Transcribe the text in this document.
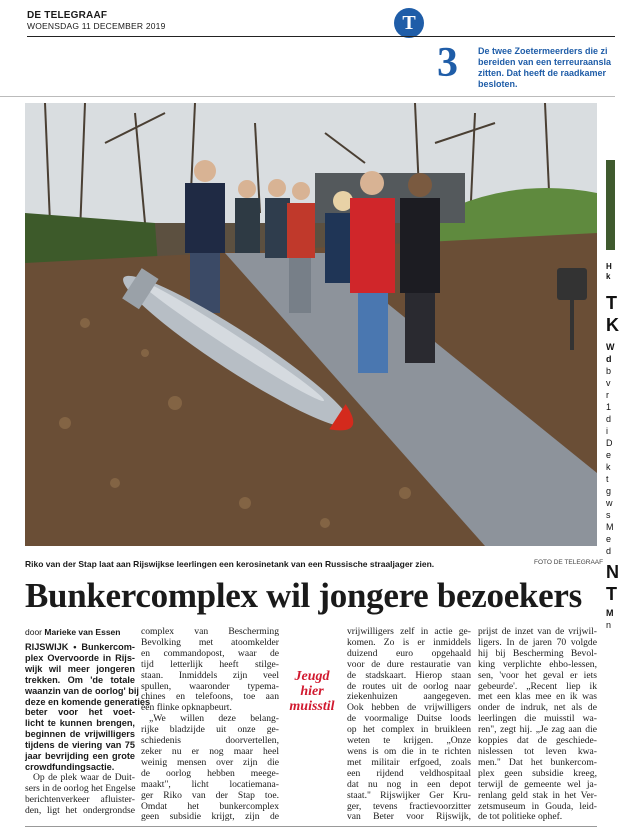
DE TELEGRAAF
WOENSDAG 11 DECEMBER 2019	T
3 De twee Zoetermeerders die zi
bereiden van een terreuraansla
zitten. Dat heeft de raadkamer
besloten.
H
k
T
K
W
d
b
v
r
1
d
i
D
e
k
t
g
w
s
M
e
d
N
T
M
n
Riko van der Stap laat aan Rijswijkse leerlingen een kerosinetank van een Russische straaljager zien.	FOTO DE TELEGRAAF
Bunkercomplex wil jongere bezoekers
door Marieke van Essen
RIJSWIJK • Bunkercom-
plex Overvoorde in Rijs-
wijk wil meer jongeren
trekken. Om 'de totale
waanzin van de oorlog' bij
deze en komende generaties
beter voor het voet-
licht te kunnen brengen,
beginnen de vrijwilligers
tijdens de viering van 75
jaar bevrijding een grote
crowdfundingsactie.
Op de plek waar de Duit-
sers in de oorlog het Engelse
berichtenverkeer afluister-
den, ligt het ondergrondse
complex van Bescherming
Bevolking met atoomkelder
en commandopost, waar de
tijd letterlijk heeft stilge-
staan. Inmiddels zijn veel
spullen, waaronder typema-
chines en telefoons, toe aan
een flinke opknapbeurt.
„We willen deze belang-
rijke bladzijde uit onze ge-
schiedenis doorvertellen,
zeker nu er nog maar heel
weinig mensen over zijn die
de oorlog hebben meege-
maakt", licht locatiemana-
ger Riko van der Stap toe.
Omdat het bunkercomplex
geen subsidie krijgt, zijn de
Jeugd hier muisstil
vrijwilligers zelf in actie ge-
komen. Zo is er inmiddels
duizend euro opgehaald
voor de dure restauratie van
de stadskaart. Hierop staan
de routes uit de oorlog naar
ziekenhuizen aangegeven.
Ook hebben de vrijwilligers
de voormalige Duitse loods
op het complex in bruikleen
weten te krijgen. „Onze
wens is om die in te richten
met militair erfgoed, zoals
een rijdend veldhospitaal
dat nu nog in een depot
staat." Rijswijker Ger Kru-
ger, tevens fractievoorzitter
van Beter voor Rijswijk,
prijst de inzet van de vrijwil-
ligers. In de jaren 70 volgde
hij bij Bescherming Bevol-
king verplichte ehbo-lessen,
sen, 'voor het geval er iets
gebeurde'. „Recent liep ik
met een klas mee en ik was
onder de indruk, net als de
leerlingen die muisstil wa-
ren", zegt hij. „Je zag aan die
koppies dat de geschiede-
nislessen tot leven kwa-
men." Dat het bunkercom-
plex geen subsidie kreeg,
terwijl de gemeente wel ja-
renlang geld stak in het Ver-
zetsmuseum in Gouda, leid-
de tot politieke ophef.
